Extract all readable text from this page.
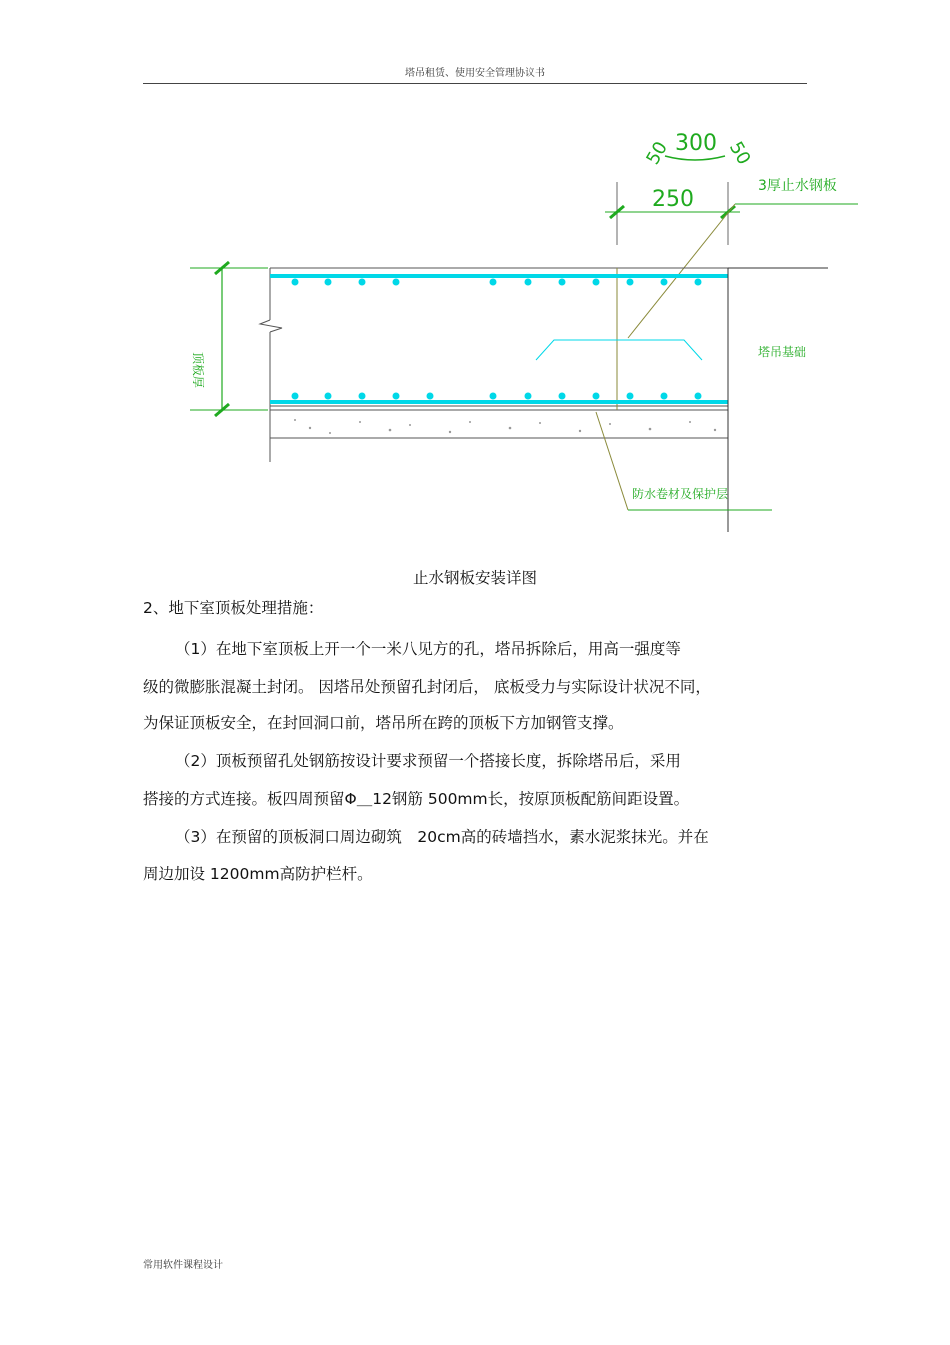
塔吊租赁、使用安全管理协议书
50 300 50
250
3厚止水钢板
顶板厚	塔吊基础
防水卷材及保护层
止水钢板安装详图
2、地下室顶板处理措施：
（1）在地下室顶板上开一个一米八见方的孔，塔吊拆除后，用高一强度等
级的微膨胀混凝土封闭。 因塔吊处预留孔封闭后， 底板受力与实际设计状况不同，
为保证顶板安全，在封回洞口前，塔吊所在跨的顶板下方加钢管支撑。
（2）顶板预留孔处钢筋按设计要求预留一个搭接长度，拆除塔吊后，采用
搭接的方式连接。板四周预留Φ＿12钢筋 500mm长，按原顶板配筋间距设置。
（3）在预留的顶板洞口周边砌筑　20cm高的砖墙挡水，素水泥浆抹光。并在
周边加设 1200mm高防护栏杆。
常用软件课程设计
